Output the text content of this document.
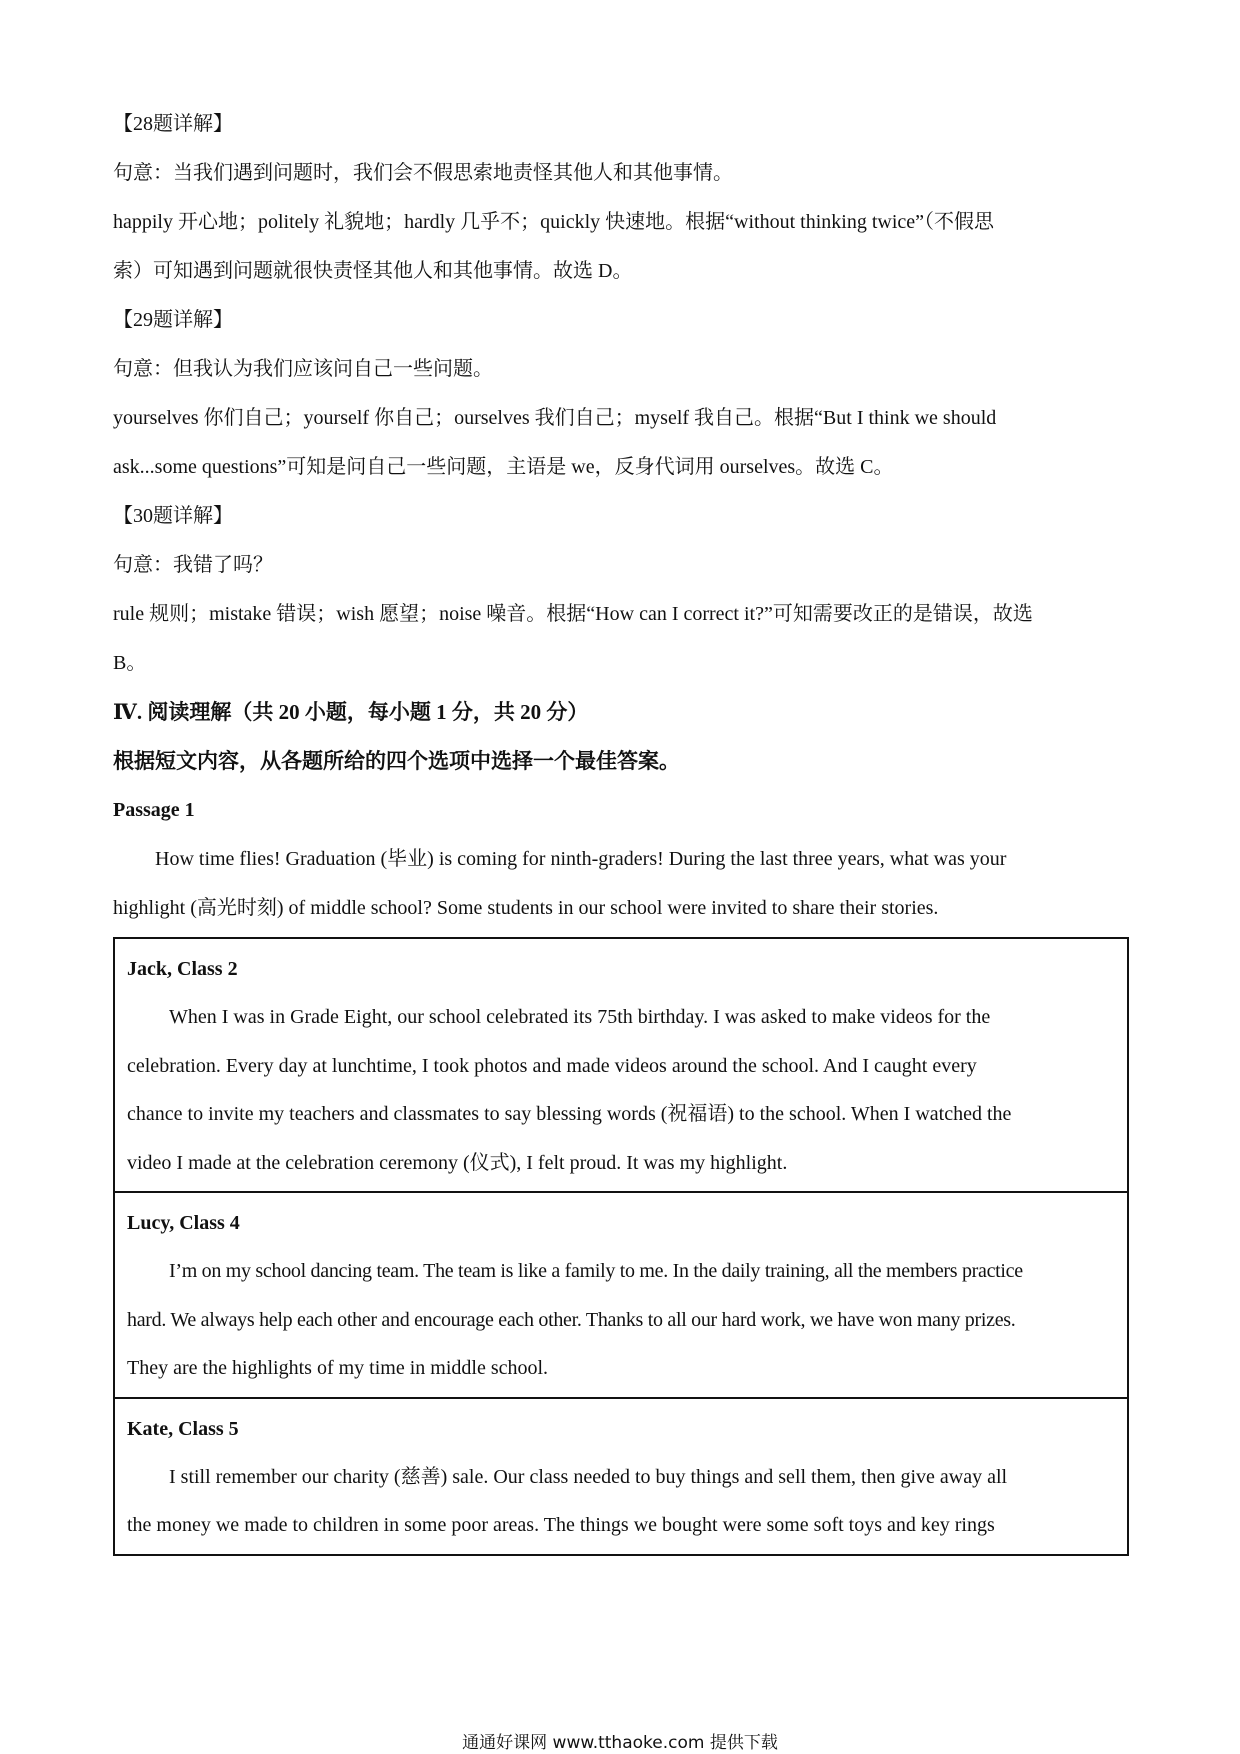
【28题详解】

句意：当我们遇到问题时，我们会不假思索地责怪其他人和其他事情。

happily 开心地；politely 礼貌地；hardly 几乎不；quickly 快速地。根据“without thinking twice”（不假思

索）可知遇到问题就很快责怪其他人和其他事情。故选 D。

【29题详解】

句意：但我认为我们应该问自己一些问题。

yourselves 你们自己；yourself 你自己；ourselves 我们自己；myself 我自己。根据“But I think we should

ask...some questions”可知是问自己一些问题，主语是 we，反身代词用 ourselves。故选 C。

【30题详解】

句意：我错了吗？

rule 规则；mistake 错误；wish 愿望；noise 噪音。根据“How can I correct it?”可知需要改正的是错误，故选

B。

Ⅳ. 阅读理解（共 20 小题，每小题 1 分，共 20 分）

根据短文内容，从各题所给的四个选项中选择一个最佳答案。

Passage 1

How time flies! Graduation (毕业) is coming for ninth-graders! During the last three years, what was your

highlight (高光时刻) of middle school? Some students in our school were invited to share their stories.

Jack, Class 2

When I was in Grade Eight, our school celebrated its 75th birthday. I was asked to make videos for the

celebration. Every day at lunchtime, I took photos and made videos around the school. And I caught every

chance to invite my teachers and classmates to say blessing words (祝福语) to the school. When I watched the

video I made at the celebration ceremony (仪式), I felt proud. It was my highlight.

Lucy, Class 4

I’m on my school dancing team. The team is like a family to me. In the daily training, all the members practice

hard. We always help each other and encourage each other. Thanks to all our hard work, we have won many prizes.

They are the highlights of my time in middle school.

Kate, Class 5

I still remember our charity (慈善) sale. Our class needed to buy things and sell them, then give away all

the money we made to children in some poor areas. The things we bought were some soft toys and key rings

通通好课网 www.tthaoke.com 提供下载
